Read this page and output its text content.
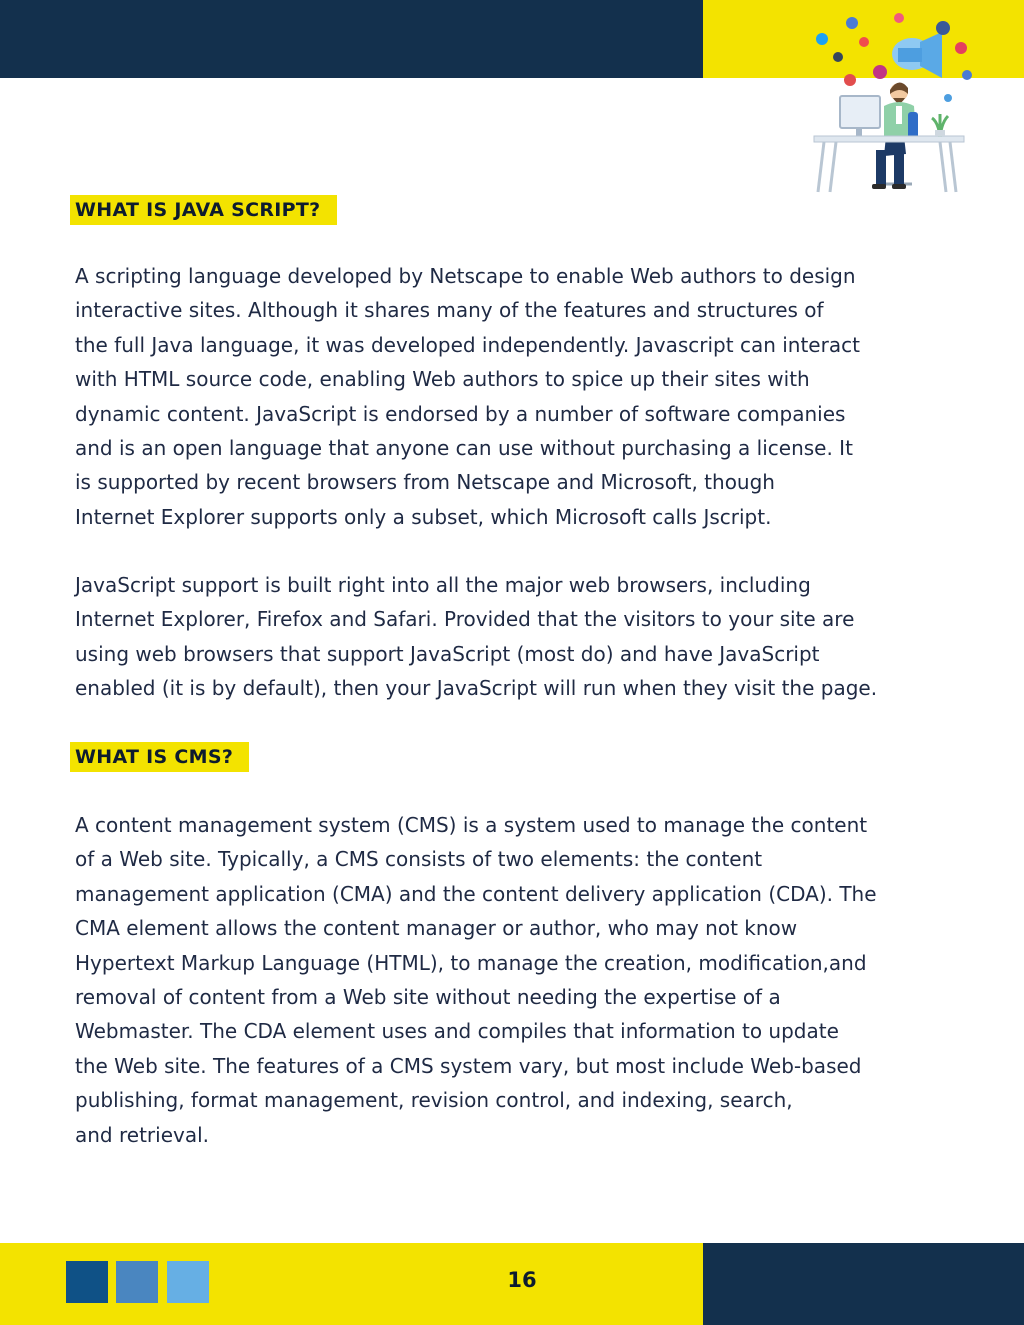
WHAT IS JAVA SCRIPT?

A scripting language developed by Netscape to enable Web authors to design
interactive sites. Although it shares many of the features and structures of
the full Java language, it was developed independently. Javascript can interact
with HTML source code, enabling Web authors to spice up their sites with
dynamic content. JavaScript is endorsed by a number of software companies
and is an open language that anyone can use without purchasing a license. It
is supported by recent browsers from Netscape and Microsoft, though
Internet Explorer supports only a subset, which Microsoft calls Jscript.

JavaScript support is built right into all the major web browsers, including
Internet Explorer, Firefox and Safari. Provided that the visitors to your site are
using web browsers that support JavaScript (most do) and have JavaScript
enabled (it is by default), then your JavaScript will run when they visit the page.

WHAT IS CMS?

A content management system (CMS) is a system used to manage the content
of a Web site. Typically, a CMS consists of two elements: the content
management application (CMA) and the content delivery application (CDA). The
CMA element allows the content manager or author, who may not know
Hypertext Markup Language (HTML), to manage the creation, modification,and
removal of content from a Web site without needing the expertise of a
Webmaster. The CDA element uses and compiles that information to update
the Web site. The features of a CMS system vary, but most include Web-based
publishing, format management, revision control, and indexing, search,
and retrieval.

16
